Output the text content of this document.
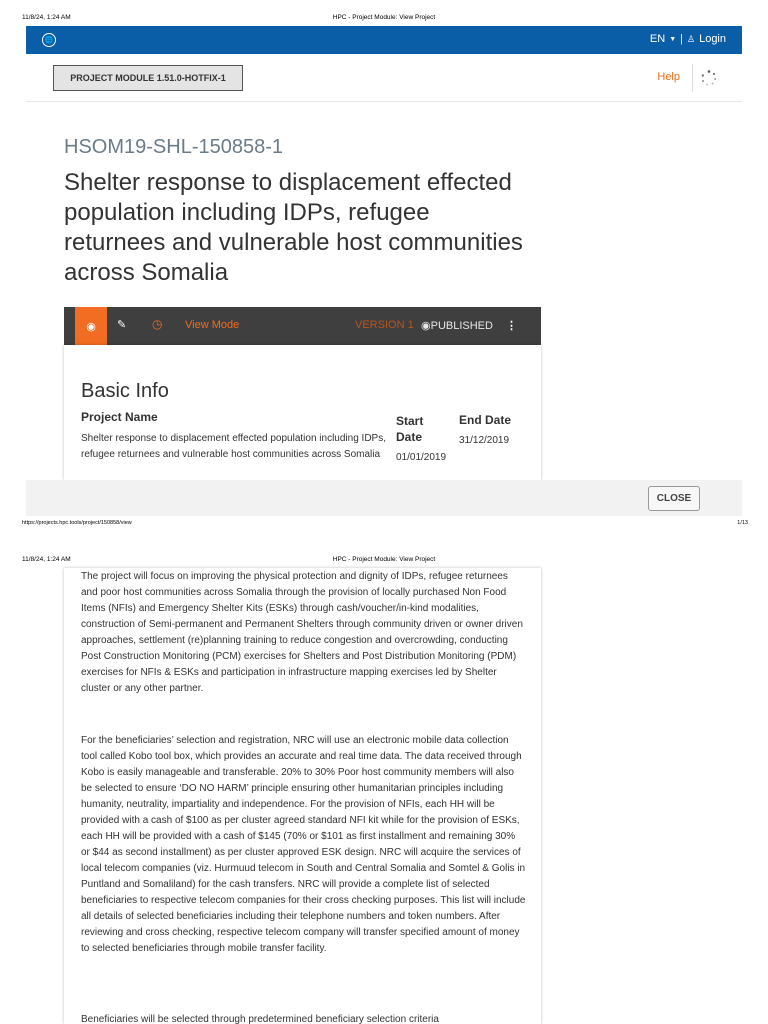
11/8/24, 1:24 AM	HPC - Project Module: View Project
🌐	EN ▼ | ♙ Login
PROJECT MODULE 1.51.0-HOTFIX-1	Help
HSOM19-SHL-150858-1
Shelter response to displacement effected population including IDPs, refugee returnees and vulnerable host communities across Somalia
◉ ✎ ◷ View Mode	VERSION 1 ◉PUBLISHED ⋮
Basic Info
Project Name
Shelter response to displacement effected population including IDPs, refugee returnees and vulnerable host communities across Somalia
Start Date
01/01/2019
End Date
31/12/2019
CLOSE
https://projects.hpc.tools/project/150858/view	1/13
11/8/24, 1:24 AM	HPC - Project Module: View Project
The project will focus on improving the physical protection and dignity of IDPs, refugee returnees and poor host communities across Somalia through the provision of locally purchased Non Food Items (NFIs) and Emergency Shelter Kits (ESKs) through cash/voucher/in-kind modalities, construction of Semi-permanent and Permanent Shelters through community driven or owner driven approaches, settlement (re)planning training to reduce congestion and overcrowding, conducting Post Construction Monitoring (PCM) exercises for Shelters and Post Distribution Monitoring (PDM) exercises for NFIs & ESKs and participation in infrastructure mapping exercises led by Shelter cluster or any other partner.
For the beneficiaries’ selection and registration, NRC will use an electronic mobile data collection tool called Kobo tool box, which provides an accurate and real time data. The data received through Kobo is easily manageable and transferable. 20% to 30% Poor host community members will also be selected to ensure ‘DO NO HARM’ principle ensuring other humanitarian principles including humanity, neutrality, impartiality and independence. For the provision of NFIs, each HH will be provided with a cash of $100 as per cluster agreed standard NFI kit while for the provision of ESKs, each HH will be provided with a cash of $145 (70% or $101 as first installment and remaining 30% or $44 as second installment) as per cluster approved ESK design. NRC will acquire the services of local telecom companies (viz. Hurmuud telecom in South and Central Somalia and Somtel & Golis in Puntland and Somaliland) for the cash transfers. NRC will provide a complete list of selected beneficiaries to respective telecom companies for their cross checking purposes. This list will include all details of selected beneficiaries including their telephone numbers and token numbers. After reviewing and cross checking, respective telecom company will transfer specified amount of money to selected beneficiaries through mobile transfer facility.
Beneficiaries will be selected through predetermined beneficiary selection criteria
